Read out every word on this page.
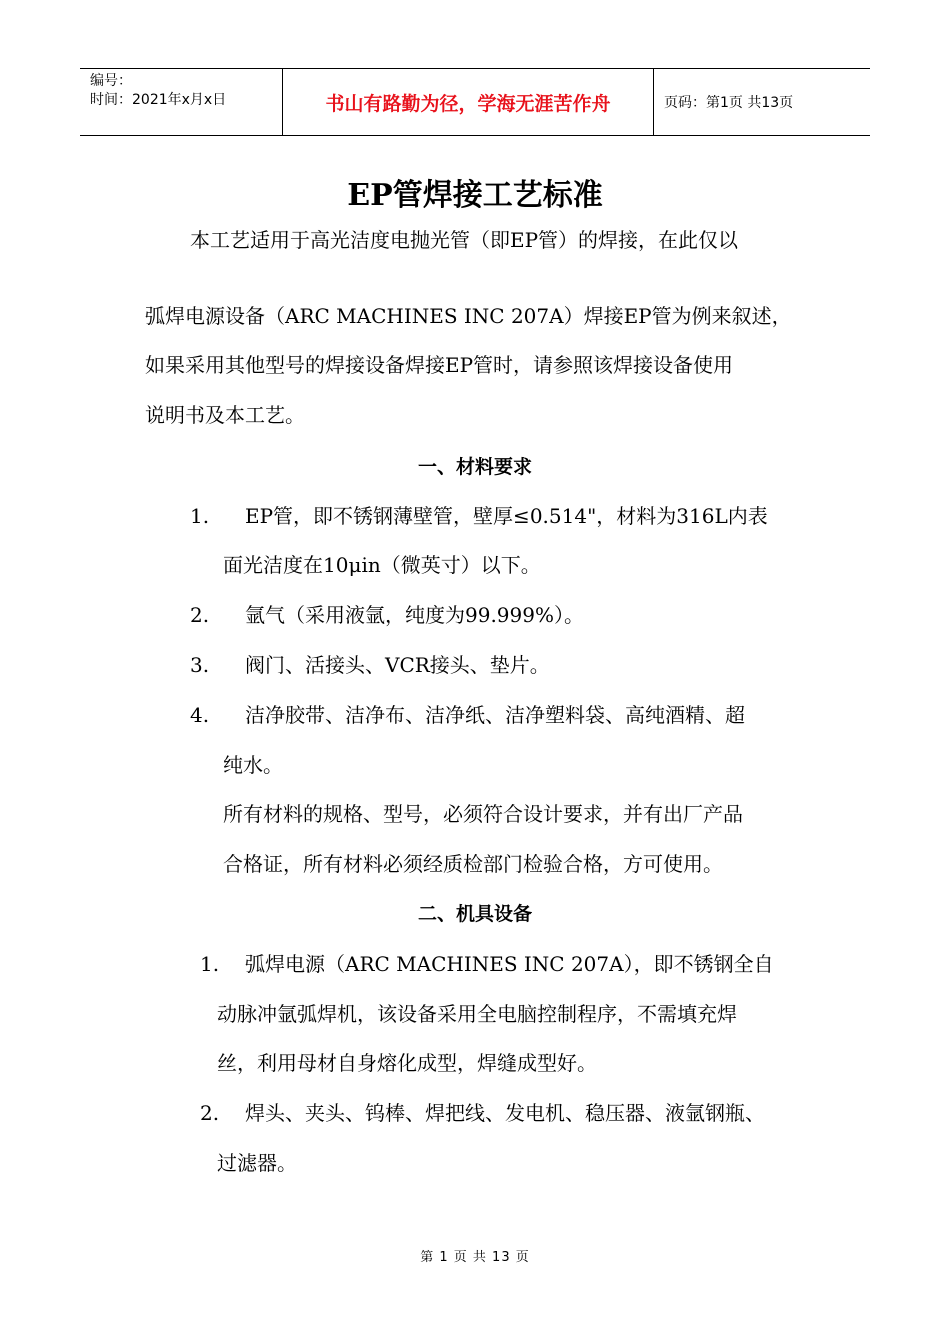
编号：
时间：2021年x月x日	书山有路勤为径，学海无涯苦作舟	页码：第1页 共13页
EP管焊接工艺标准
本工艺适用于高光洁度电抛光管（即EP管）的焊接，在此仅以
弧焊电源设备（ARC MACHINES INC 207A）焊接EP管为例来叙述，
如果采用其他型号的焊接设备焊接EP管时，请参照该焊接设备使用
说明书及本工艺。
一、材料要求
1. EP管，即不锈钢薄壁管，壁厚≤0.514"，材料为316L内表
面光洁度在10μin（微英寸）以下。
2. 氩气（采用液氩，纯度为99.999%）。
3. 阀门、活接头、VCR接头、垫片。
4. 洁净胶带、洁净布、洁净纸、洁净塑料袋、高纯酒精、超
纯水。
所有材料的规格、型号，必须符合设计要求，并有出厂产品
合格证，所有材料必须经质检部门检验合格，方可使用。
二、机具设备
1. 弧焊电源（ARC MACHINES INC 207A），即不锈钢全自
动脉冲氩弧焊机，该设备采用全电脑控制程序，不需填充焊
丝，利用母材自身熔化成型，焊缝成型好。
2. 焊头、夹头、钨棒、焊把线、发电机、稳压器、液氩钢瓶、
过滤器。
第 1 页 共 13 页
